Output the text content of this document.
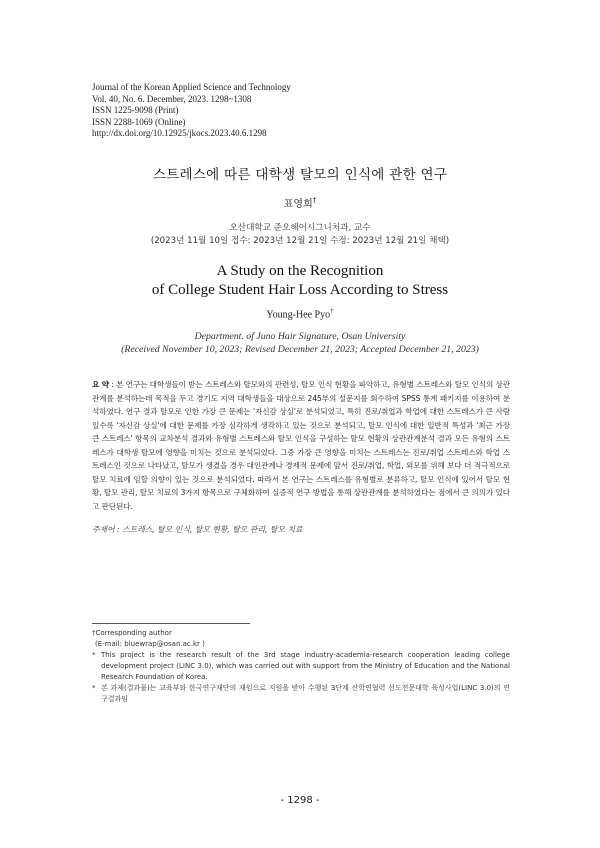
Journal of the Korean Applied Science and Technology
Vol. 40, No. 6. December, 2023. 1298~1308
ISSN 1225-9098 (Print)
ISSN 2288-1069 (Online)
http://dx.doi.org/10.12925/jkocs.2023.40.6.1298
스트레스에 따른 대학생 탈모의 인식에 관한 연구
표영희†
오산대학교 준오헤어시그니처과, 교수
(2023년 11월 10일 접수: 2023년 12월 21일 수정: 2023년 12월 21일 채택)
A Study on the Recognition
of College Student Hair Loss According to Stress
Young-Hee Pyo†
Department. of Juno Hair Signature, Osan University
(Received November 10, 2023; Revised December 21, 2023; Accepted December 21, 2023)
요 약 : 본 연구는 대학생들이 받는 스트레스와 탈모와의 관련성, 탈모 인식 현황을 파악하고, 유형별 스트레스와 탈모 인식의 상관관계를 분석하는데 목적을 두고 경기도 지역 대학생들을 대상으로 245부의 설문지를 회수하여 SPSS 통계 패키지를 이용하여 분석하였다. 연구 결과 탈모로 인한 가장 큰 문제는 '자신감 상실'로 분석되었고, 특히 진로/취업과 학업에 대한 스트레스가 큰 사람일수록 '자신감 상실'에 대한 문제를 가장 심각하게 생각하고 있는 것으로 분석되고, 탈모 인식에 대한 일반적 특성과 '최근 가장 큰 스트레스' 항목의 교차분석 결과와 유형별 스트레스와 탈모 인식을 구성하는 탈모 현황의 상관관계분석 결과 모든 유형의 스트레스가 대학생 탈모에 영향을 미치는 것으로 분석되었다. 그중 가장 큰 영향을 미치는 스트레스는 진로/취업 스트레스와 학업 스트레스인 것으로 나타났고, 탈모가 생겼을 경우 대인관계나 경제적 문제에 앞서 진로/취업, 학업, 외모를 위해 보다 더 적극적으로 탈모 치료에 임할 의향이 있는 것으로 분석되었다. 따라서 본 연구는 스트레스를 유형별로 분류하고, 탈모 인식에 있어서 탈모 현황, 탈모 관리, 탈모 치료의 3가지 항목으로 구체화하여 실증적 연구 방법을 통해 상관관계를 분석하였다는 점에서 큰 의의가 있다고 판단된다.
주제어 : 스트레스, 탈모 인식, 탈모 현황, 탈모 관리, 탈모 치료
†Corresponding author
(E-mail: bluewrap@osan.ac.kr )
* This project is the research result of the 3rd stage industry-academia-research cooperation leading college development project (LINC 3.0), which was carried out with support from the Ministry of Education and the National Research Foundation of Korea.
* 본 과제(결과물)는 교육부와 한국연구재단의 재원으로 지원을 받아 수행된 3단계 산학연협력 선도전문대학 육성사업(LINC 3.0)의 연구결과임
- 1298 -
